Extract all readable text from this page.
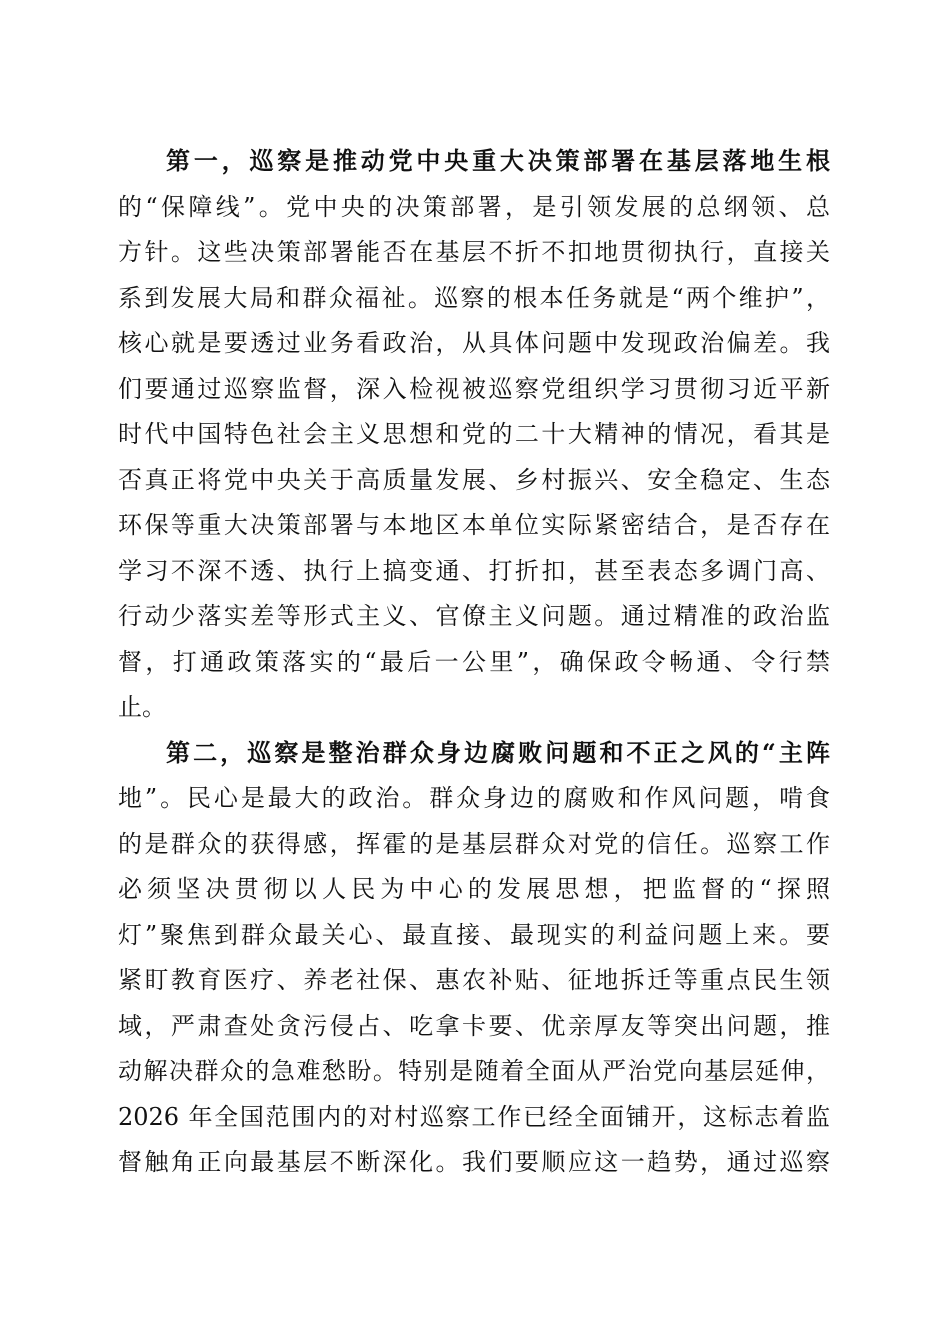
第一，巡察是推动党中央重大决策部署在基层落地生根
的“保障线”。党中央的决策部署，是引领发展的总纲领、总
方针。这些决策部署能否在基层不折不扣地贯彻执行，直接关
系到发展大局和群众福祉。巡察的根本任务就是“两个维护”，
核心就是要透过业务看政治，从具体问题中发现政治偏差。我
们要通过巡察监督，深入检视被巡察党组织学习贯彻习近平新
时代中国特色社会主义思想和党的二十大精神的情况，看其是
否真正将党中央关于高质量发展、乡村振兴、安全稳定、生态
环保等重大决策部署与本地区本单位实际紧密结合，是否存在
学习不深不透、执行上搞变通、打折扣，甚至表态多调门高、
行动少落实差等形式主义、官僚主义问题。通过精准的政治监
督，打通政策落实的“最后一公里”，确保政令畅通、令行禁
止。
第二，巡察是整治群众身边腐败问题和不正之风的“主阵
地”。民心是最大的政治。群众身边的腐败和作风问题，啃食
的是群众的获得感，挥霍的是基层群众对党的信任。巡察工作
必须坚决贯彻以人民为中心的发展思想，把监督的“探照
灯”聚焦到群众最关心、最直接、最现实的利益问题上来。要
紧盯教育医疗、养老社保、惠农补贴、征地拆迁等重点民生领
域，严肃查处贪污侵占、吃拿卡要、优亲厚友等突出问题，推
动解决群众的急难愁盼。特别是随着全面从严治党向基层延伸，
2026 年全国范围内的对村巡察工作已经全面铺开，这标志着监
督触角正向最基层不断深化。我们要顺应这一趋势，通过巡察
